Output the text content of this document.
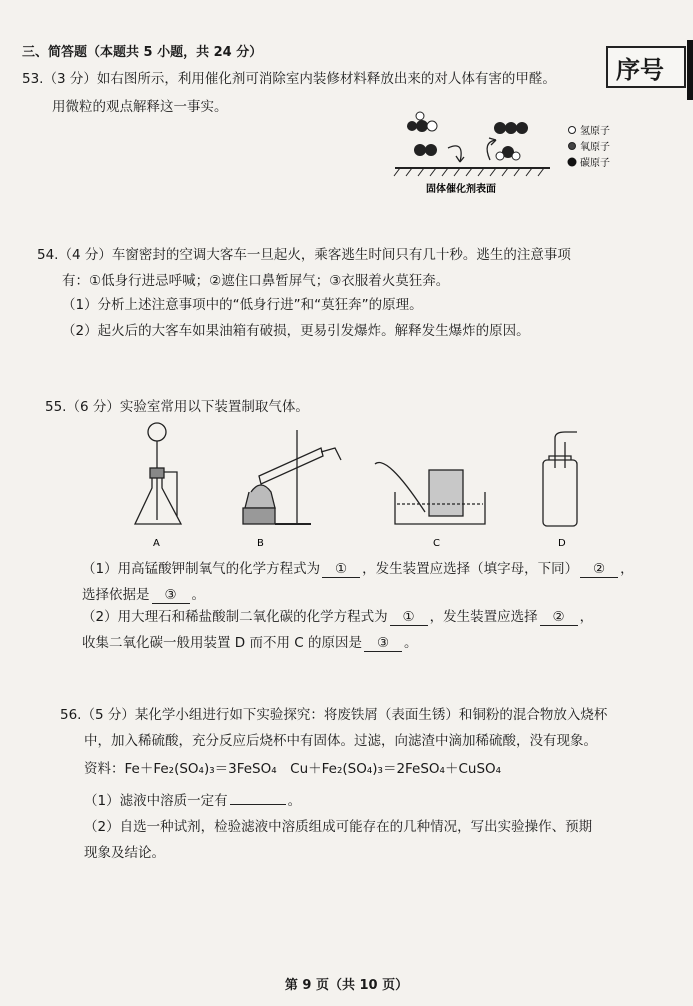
三、简答题（本题共 5 小题，共 24 分）
序号
53.（3 分）如右图所示，利用催化剂可消除室内装修材料释放出来的对人体有害的甲醛。
用微粒的观点解释这一事实。
固体催化剂表面
氢原子
氧原子
碳原子
54.（4 分）车窗密封的空调大客车一旦起火，乘客逃生时间只有几十秒。逃生的注意事项
有：①低身行进忌呼喊；②遮住口鼻暂屏气；③衣服着火莫狂奔。
（1）分析上述注意事项中的“低身行进”和“莫狂奔”的原理。
（2）起火后的大客车如果油箱有破损，更易引发爆炸。解释发生爆炸的原因。
55.（6 分）实验室常用以下装置制取气体。
A	B	C	D
（1）用高锰酸钾制氧气的化学方程式为 ① ，发生装置应选择（填字母，下同） ② ，
选择依据是 ③ 。
（2）用大理石和稀盐酸制二氧化碳的化学方程式为 ① ，发生装置应选择 ② ，
收集二氧化碳一般用装置 D 而不用 C 的原因是 ③ 。
56.（5 分）某化学小组进行如下实验探究：将废铁屑（表面生锈）和铜粉的混合物放入烧杯
中，加入稀硫酸，充分反应后烧杯中有固体。过滤，向滤渣中滴加稀硫酸，没有现象。
资料：Fe＋Fe₂(SO₄)₃＝3FeSO₄　Cu＋Fe₂(SO₄)₃＝2FeSO₄＋CuSO₄
（1）滤液中溶质一定有	。
（2）自选一种试剂，检验滤液中溶质组成可能存在的几种情况，写出实验操作、预期
现象及结论。
第 9 页（共 10 页）
